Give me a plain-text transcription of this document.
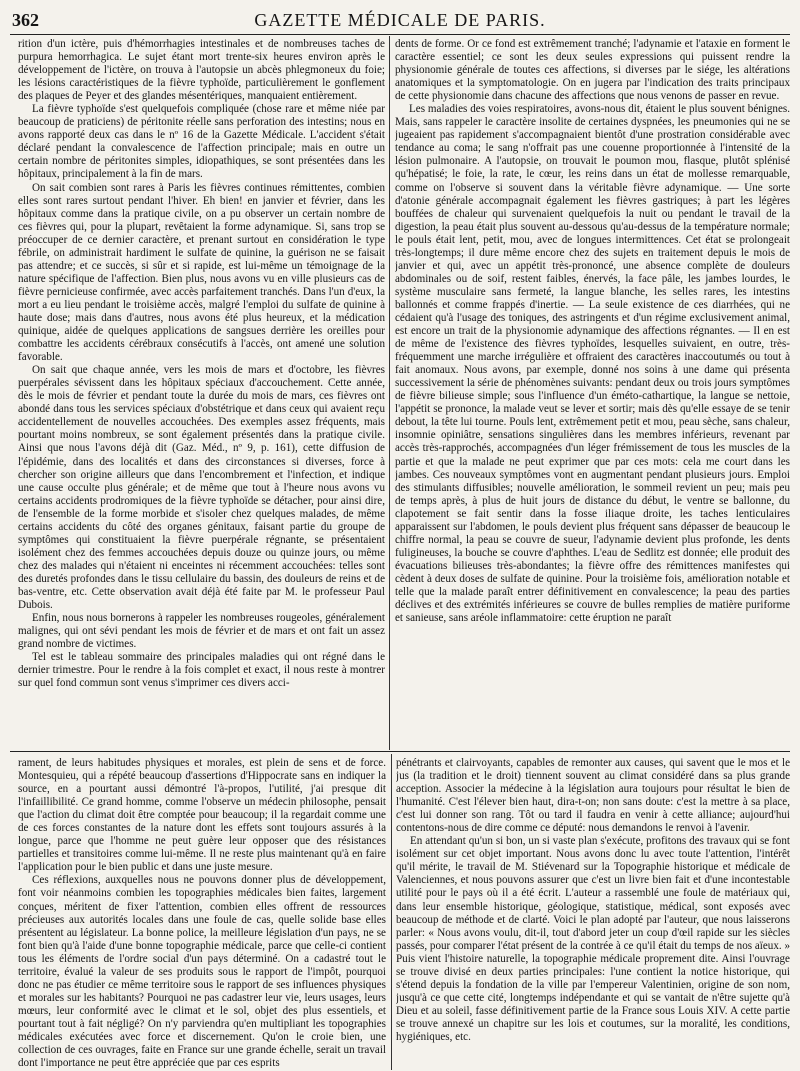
362	GAZETTE MÉDICALE DE PARIS.

rition d'un ictère, puis d'hémorrhagies intestinales et de nombreuses taches de purpura hemorrhagica. Le sujet étant mort trente-six heures environ après le développement de l'ictère, on trouva à l'autopsie un abcès phlegmoneux du foie; les lésions caractéristiques de la fièvre typhoïde, particulièrement le gonflement des plaques de Peyer et des glandes mésentériques, manquaient entièrement.

La fièvre typhoïde s'est quelquefois compliquée (chose rare et même niée par beaucoup de praticiens) de péritonite réelle sans perforation des intestins; nous en avons rapporté deux cas dans le nº 16 de la Gazette Médicale. L'accident s'était déclaré pendant la convalescence de l'affection principale; mais en outre un certain nombre de péritonites simples, idiopathiques, se sont présentées dans les hôpitaux, principalement à la fin de mars.

On sait combien sont rares à Paris les fièvres continues rémittentes, combien elles sont rares surtout pendant l'hiver. Eh bien! en janvier et février, dans les hôpitaux comme dans la pratique civile, on a pu observer un certain nombre de ces fièvres qui, pour la plupart, revêtaient la forme adynamique. Si, sans trop se préoccuper de ce dernier caractère, et prenant surtout en considération le type fébrile, on administrait hardiment le sulfate de quinine, la guérison ne se faisait pas attendre; et ce succès, si sûr et si rapide, est lui-même un témoignage de la nature spécifique de l'affection. Bien plus, nous avons vu en ville plusieurs cas de fièvre pernicieuse confirmée, avec accès parfaitement tranchés. Dans l'un d'eux, la mort a eu lieu pendant le troisième accès, malgré l'emploi du sulfate de quinine à haute dose; mais dans d'autres, nous avons été plus heureux, et la médication quinique, aidée de quelques applications de sangsues derrière les oreilles pour combattre les accidents cérébraux consécutifs à l'accès, ont amené une solution favorable.

On sait que chaque année, vers les mois de mars et d'octobre, les fièvres puerpérales sévissent dans les hôpitaux spéciaux d'accouchement. Cette année, dès le mois de février et pendant toute la durée du mois de mars, ces fièvres ont abondé dans tous les services spéciaux d'obstétrique et dans ceux qui avaient reçu accidentellement de nouvelles accouchées. Des exemples assez fréquents, mais pourtant moins nombreux, se sont également présentés dans la pratique civile. Ainsi que nous l'avons déjà dit (Gaz. Méd., nº 9, p. 161), cette diffusion de l'épidémie, dans des localités et dans des circonstances si diverses, force à chercher son origine ailleurs que dans l'encombrement et l'infection, et indique une cause occulte plus générale; et de même que tout à l'heure nous avons vu certains accidents prodromiques de la fièvre typhoïde se détacher, pour ainsi dire, de l'ensemble de la forme morbide et s'isoler chez quelques malades, de même certains accidents du côté des organes génitaux, faisant partie du groupe de symptômes qui constituaient la fièvre puerpérale régnante, se présentaient isolément chez des femmes accouchées depuis douze ou quinze jours, ou même chez des malades qui n'étaient ni enceintes ni récemment accouchées: telles sont des duretés profondes dans le tissu cellulaire du bassin, des douleurs de reins et de bas-ventre, etc. Cette observation avait déjà été faite par M. le professeur Paul Dubois.

Enfin, nous nous bornerons à rappeler les nombreuses rougeoles, généralement malignes, qui ont sévi pendant les mois de février et de mars et ont fait un assez grand nombre de victimes.

Tel est le tableau sommaire des principales maladies qui ont régné dans le dernier trimestre. Pour le rendre à la fois complet et exact, il nous reste à montrer sur quel fond commun sont venus s'imprimer ces divers acci-

dents de forme. Or ce fond est extrêmement tranché; l'adynamie et l'ataxie en forment le caractère essentiel; ce sont les deux seules expressions qui puissent rendre la physionomie générale de toutes ces affections, si diverses par le siége, les altérations anatomiques et la symptomatologie. On en jugera par l'indication des traits principaux de cette physionomie dans chacune des affections que nous venons de passer en revue.

Les maladies des voies respiratoires, avons-nous dit, étaient le plus souvent bénignes. Mais, sans rappeler le caractère insolite de certaines dyspnées, les pneumonies qui ne se jugeaient pas rapidement s'accompagnaient bientôt d'une prostration considérable avec tendance au coma; le sang n'offrait pas une couenne proportionnée à l'intensité de la lésion pulmonaire. A l'autopsie, on trouvait le poumon mou, flasque, plutôt splénisé qu'hépatisé; le foie, la rate, le cœur, les reins dans un état de mollesse remarquable, comme on l'observe si souvent dans la véritable fièvre adynamique. — Une sorte d'atonie générale accompagnait également les fièvres gastriques; à part les légères bouffées de chaleur qui survenaient quelquefois la nuit ou pendant le travail de la digestion, la peau était plus souvent au-dessous qu'au-dessus de la température normale; le pouls était lent, petit, mou, avec de longues intermittences. Cet état se prolongeait très-longtemps; il dure même encore chez des sujets en traitement depuis le mois de janvier et qui, avec un appétit très-prononcé, une absence complète de douleurs abdominales ou de soif, restent faibles, énervés, la face pâle, les jambes lourdes, le système musculaire sans fermeté, la langue blanche, les selles rares, les intestins ballonnés et comme frappés d'inertie. — La seule existence de ces diarrhées, qui ne cédaient qu'à l'usage des toniques, des astringents et d'un régime exclusivement animal, est encore un trait de la physionomie adynamique des affections régnantes. — Il en est de même de l'existence des fièvres typhoïdes, lesquelles suivaient, en outre, très-fréquemment une marche irrégulière et offraient des caractères inaccoutumés ou tout à fait anomaux. Nous avons, par exemple, donné nos soins à une dame qui présenta successivement la série de phénomènes suivants: pendant deux ou trois jours symptômes de fièvre bilieuse simple; sous l'influence d'un éméto-cathartique, la langue se nettoie, l'appétit se prononce, la malade veut se lever et sortir; mais dès qu'elle essaye de se tenir debout, la tête lui tourne. Pouls lent, extrêmement petit et mou, peau sèche, sans chaleur, insomnie opiniâtre, sensations singulières dans les membres inférieurs, revenant par accès très-rapprochés, accompagnées d'un léger frémissement de tous les muscles de la partie et que la malade ne peut exprimer que par ces mots: cela me court dans les jambes. Ces nouveaux symptômes vont en augmentant pendant plusieurs jours. Emploi des stimulants diffusibles; nouvelle amélioration, le sommeil revient un peu; mais peu de temps après, à plus de huit jours de distance du début, le ventre se ballonne, du clapotement se fait sentir dans la fosse iliaque droite, les taches lenticulaires apparaissent sur l'abdomen, le pouls devient plus fréquent sans dépasser de beaucoup le chiffre normal, la peau se couvre de sueur, l'adynamie devient plus profonde, les dents fuligineuses, la bouche se couvre d'aphthes. L'eau de Sedlitz est donnée; elle produit des évacuations bilieuses très-abondantes; la fièvre offre des rémittences manifestes qui cèdent à deux doses de sulfate de quinine. Pour la troisième fois, amélioration notable et telle que la malade paraît entrer définitivement en convalescence; la peau des parties déclives et des extrémités inférieures se couvre de bulles remplies de matière puriforme et sanieuse, sans aréole inflammatoire: cette éruption ne paraît

rament, de leurs habitudes physiques et morales, est plein de sens et de force. Montesquieu, qui a répété beaucoup d'assertions d'Hippocrate sans en indiquer la source, en a pourtant aussi démontré l'à-propos, l'utilité, j'ai presque dit l'infaillibilité. Ce grand homme, comme l'observe un médecin philosophe, pensait que l'action du climat doit être comptée pour beaucoup; il la regardait comme une de ces forces constantes de la nature dont les effets sont toujours assurés à la longue, parce que l'homme ne peut guère leur opposer que des résistances partielles et transitoires comme lui-même. Il ne reste plus maintenant qu'à en faire l'application pour le bien public et dans une juste mesure.

Ces réflexions, auxquelles nous ne pouvons donner plus de développement, font voir néanmoins combien les topographies médicales bien faites, largement conçues, méritent de fixer l'attention, combien elles offrent de ressources précieuses aux autorités locales dans une foule de cas, quelle solide base elles présentent au législateur. La bonne police, la meilleure législation d'un pays, ne se font bien qu'à l'aide d'une bonne topographie médicale, parce que celle-ci contient tous les éléments de l'ordre social d'un pays déterminé. On a cadastré tout le territoire, évalué la valeur de ses produits sous le rapport de l'impôt, pourquoi donc ne pas étudier ce même territoire sous le rapport de ses influences physiques et morales sur les habitants? Pourquoi ne pas cadastrer leur vie, leurs usages, leurs mœurs, leur conformité avec le climat et le sol, objet des plus essentiels, et pourtant tout à fait négligé? On n'y parviendra qu'en multipliant les topographies médicales exécutées avec force et discernement. Qu'on le croie bien, une collection de ces ouvrages, faite en France sur une grande échelle, serait un travail dont l'importance ne peut être appréciée que par ces esprits

pénétrants et clairvoyants, capables de remonter aux causes, qui savent que le mos et le jus (la tradition et le droit) tiennent souvent au climat considéré dans sa plus grande acception. Associer la médecine à la législation aura toujours pour résultat le bien de l'humanité. C'est l'élever bien haut, dira-t-on; non sans doute: c'est la mettre à sa place, c'est lui donner son rang. Tôt ou tard il faudra en venir à cette alliance; aujourd'hui contentons-nous de dire comme ce député: nous demandons le renvoi à l'avenir.

En attendant qu'un si bon, un si vaste plan s'exécute, profitons des travaux qui se font isolément sur cet objet important. Nous avons donc lu avec toute l'attention, l'intérêt qu'il mérite, le travail de M. Stiévenard sur la Topographie historique et médicale de Valenciennes, et nous pouvons assurer que c'est un livre bien fait et d'une incontestable utilité pour le pays où il a été écrit. L'auteur a rassemblé une foule de matériaux qui, dans leur ensemble historique, géologique, statistique, médical, sont exposés avec beaucoup de méthode et de clarté. Voici le plan adopté par l'auteur, que nous laisserons parler: « Nous avons voulu, dit-il, tout d'abord jeter un coup d'œil rapide sur les siècles passés, pour comparer l'état présent de la contrée à ce qu'il était du temps de nos aïeux. » Puis vient l'histoire naturelle, la topographie médicale proprement dite. Ainsi l'ouvrage se trouve divisé en deux parties principales: l'une contient la notice historique, qui s'étend depuis la fondation de la ville par l'empereur Valentinien, origine de son nom, jusqu'à ce que cette cité, longtemps indépendante et qui se vantait de n'être sujette qu'à Dieu et au soleil, fasse définitivement partie de la France sous Louis XIV. A cette partie se trouve annexé un chapitre sur les lois et coutumes, sur la moralité, les conditions, hygiéniques, etc.
